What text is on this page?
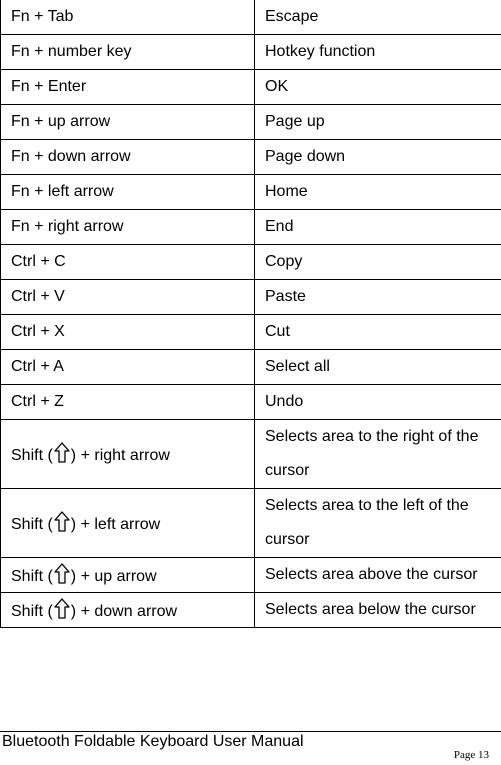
Fn + Tab	Escape
Fn + number key	Hotkey function
Fn + Enter	OK
Fn + up arrow	Page up
Fn + down arrow	Page down
Fn + left arrow	Home
Fn + right arrow	End
Ctrl + C	Copy
Ctrl + V	Paste
Ctrl + X	Cut
Ctrl + A	Select all
Ctrl + Z	Undo
Shift ( ) + right arrow	Selects area to the right of the cursor
Shift ( ) + left arrow	Selects area to the left of the cursor
Shift ( ) + up arrow	Selects area above the cursor
Shift ( ) + down arrow	Selects area below the cursor
Bluetooth Foldable Keyboard User Manual
Page 13
